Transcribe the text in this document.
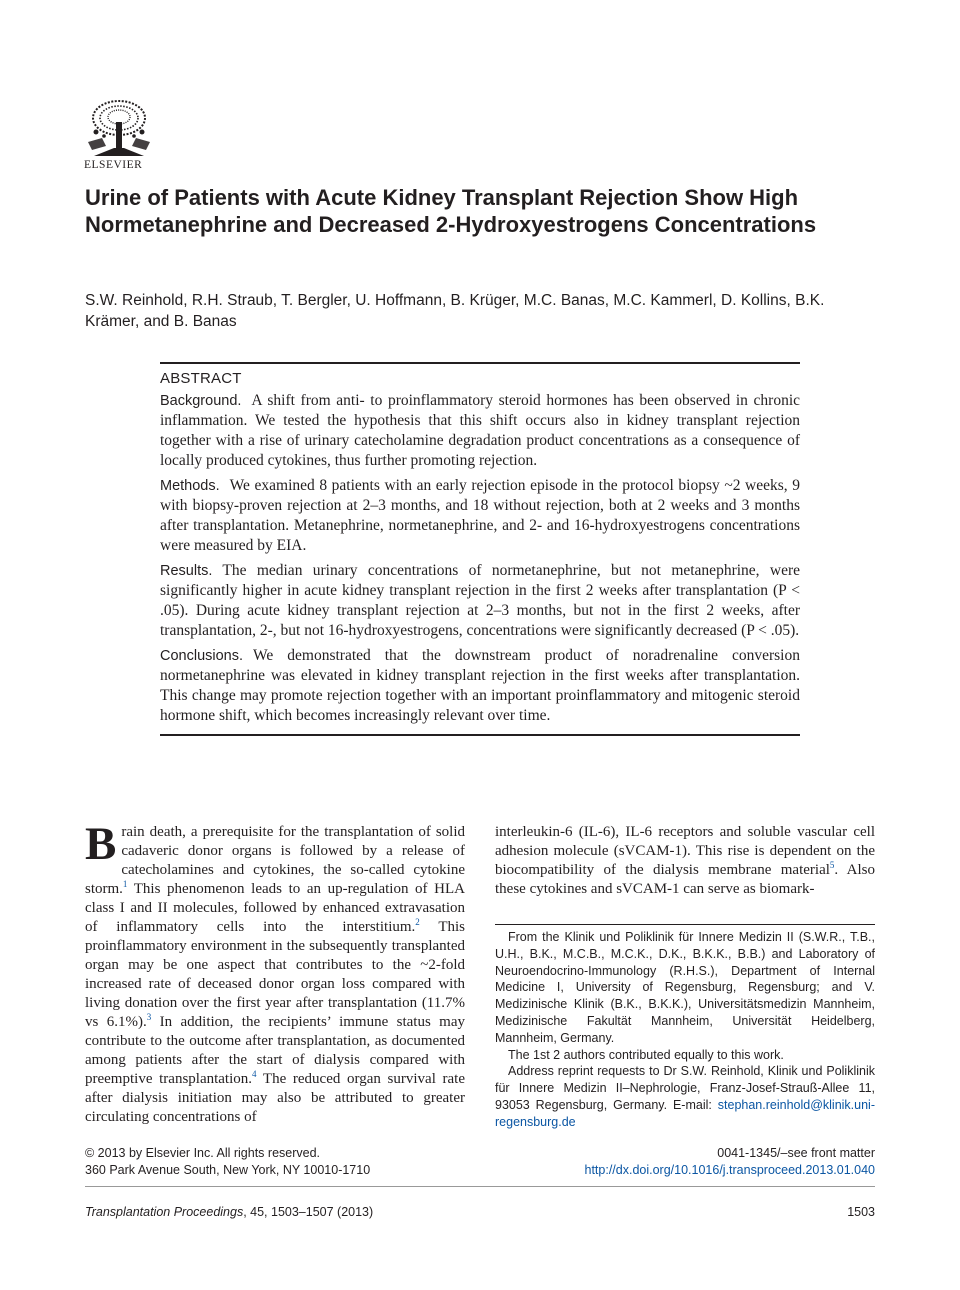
ELSEVIER
Urine of Patients with Acute Kidney Transplant Rejection Show High Normetanephrine and Decreased 2-Hydroxyestrogens Concentrations

S.W. Reinhold, R.H. Straub, T. Bergler, U. Hoffmann, B. Krüger, M.C. Banas, M.C. Kammerl, D. Kollins, B.K. Krämer, and B. Banas

ABSTRACT

Background. A shift from anti- to proinflammatory steroid hormones has been observed in chronic inflammation. We tested the hypothesis that this shift occurs also in kidney transplant rejection together with a rise of urinary catecholamine degradation product concentrations as a consequence of locally produced cytokines, thus further promoting rejection.

Methods. We examined 8 patients with an early rejection episode in the protocol biopsy ~2 weeks, 9 with biopsy-proven rejection at 2–3 months, and 18 without rejection, both at 2 weeks and 3 months after transplantation. Metanephrine, normetanephrine, and 2- and 16-hydroxyestrogens concentrations were measured by EIA.

Results. The median urinary concentrations of normetanephrine, but not metanephrine, were significantly higher in acute kidney transplant rejection in the first 2 weeks after transplantation (P < .05). During acute kidney transplant rejection at 2–3 months, but not in the first 2 weeks, after transplantation, 2-, but not 16-hydroxyestrogens, concentrations were significantly decreased (P < .05).

Conclusions. We demonstrated that the downstream product of noradrenaline conversion normetanephrine was elevated in kidney transplant rejection in the first weeks after transplantation. This change may promote rejection together with an important proinflammatory and mitogenic steroid hormone shift, which becomes increasingly relevant over time.

Brain death, a prerequisite for the transplantation of solid cadaveric donor organs is followed by a release of catecholamines and cytokines, the so-called cytokine storm.$^1$ This phenomenon leads to an up-regulation of HLA class I and II molecules, followed by enhanced extravasation of inflammatory cells into the interstitium.$^2$ This proinflammatory environment in the subsequently transplanted organ may be one aspect that contributes to the ~2-fold increased rate of deceased donor organ loss compared with living donation over the first year after transplantation (11.7% vs 6.1%).$^3$ In addition, the recipients’ immune status may contribute to the outcome after transplantation, as documented among patients after the start of dialysis compared with preemptive transplantation.$^4$ The reduced organ survival rate after dialysis initiation may also be attributed to greater circulating concentrations of

interleukin-6 (IL-6), IL-6 receptors and soluble vascular cell adhesion molecule (sVCAM-1). This rise is dependent on the biocompatibility of the dialysis membrane material$^5$. Also these cytokines and sVCAM-1 can serve as biomark-

From the Klinik und Poliklinik für Innere Medizin II (S.W.R., T.B., U.H., B.K., M.C.B., M.C.K., D.K., B.K.K., B.B.) and Laboratory of Neuroendocrino-Immunology (R.H.S.), Department of Internal Medicine I, University of Regensburg, Regensburg; and V. Medizinische Klinik (B.K., B.K.K.), Universitätsmedizin Mannheim, Medizinische Fakultät Mannheim, Universität Heidelberg, Mannheim, Germany.

The 1st 2 authors contributed equally to this work.

Address reprint requests to Dr S.W. Reinhold, Klinik und Poliklinik für Innere Medizin II–Nephrologie, Franz-Josef-Strauß-Allee 11, 93053 Regensburg, Germany. E-mail: stephan.reinhold@klinik.uni-regensburg.de

© 2013 by Elsevier Inc. All rights reserved.
360 Park Avenue South, New York, NY 10010-1710
0041-1345/–see front matter
http://dx.doi.org/10.1016/j.transproceed.2013.01.040
Transplantation Proceedings, 45, 1503–1507 (2013)	1503
